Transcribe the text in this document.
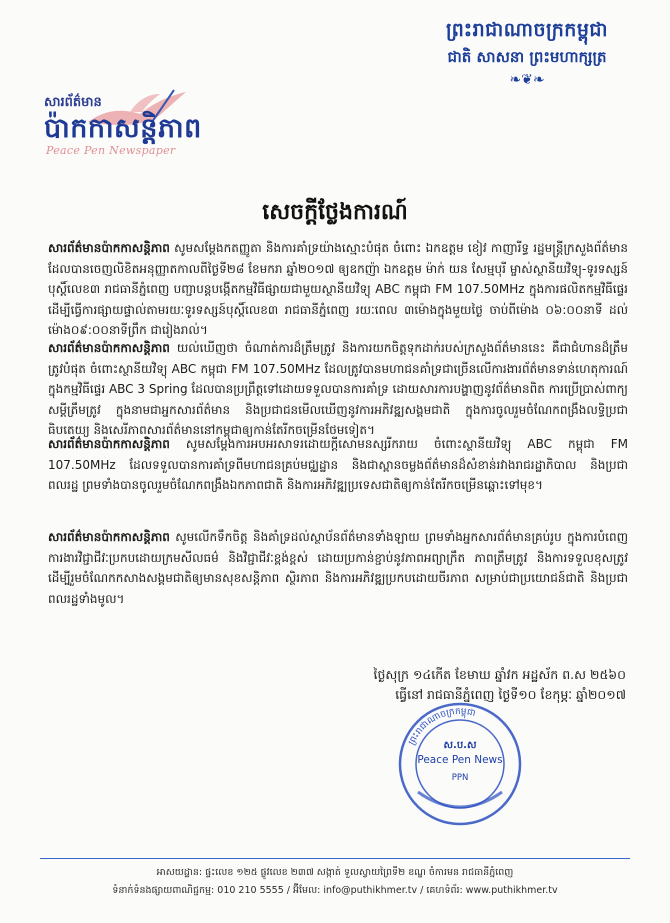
ព្រះរាជាណាចក្រកម្ពុជា
ជាតិ សាសនា ព្រះមហាក្សត្រ
❧❦❧
សារព័ត៌មាន
ប៉ាកកាសន្តិភាព
Peace Pen Newspaper
សេចក្ដីថ្លែងការណ៍
សារព័ត៌មានប៉ាកកាសន្តិភាព សូមសម្ដែងកតញ្ញូតា និងការគាំទ្រយ៉ាងស្មោះបំផុត ចំពោះ ឯកឧត្ដម ខៀវ កាញារីទ្ធ រដ្ឋមន្ត្រីក្រសួងព័ត៌មាន ដែលបានចេញលិខិតអនុញ្ញាតកាលពីថ្ងៃទី២៨ ខែមករា ឆ្នាំ២០១៧ ឲ្យឧកញ៉ា ឯកឧត្ដម ម៉ាក់ យន សែម្មបុរី ម្ចាស់ស្ថានីយវិទ្យុ-ទូរទស្សន៍បុស្តិ៍លេខ៣ រាជធានីភ្នំពេញ បញ្ជាបន្តបង្កើតកម្មវិធីផ្សាយជាមួយស្ថានីយវិទ្យុ ABC កម្ពុជា FM 107.50MHz ក្នុងការផលិតកម្មវិធីផ្ទេរ ដើម្បីធ្វើការផ្សាយផ្ទាល់តាមរយៈទូរទស្សន៍បុស្តិ៍លេខ៣ រាជធានីភ្នំពេញ រយៈពេល ៣ម៉ោងក្នុងមួយថ្ងៃ ចាប់ពីម៉ោង ០៦:០០នាទី ដល់ ម៉ោង០៩:០០នាទីព្រឹក ជារៀងរាល់។
សារព័ត៌មានប៉ាកកាសន្តិភាព យល់ឃើញថា ចំណាត់ការដ៏ត្រឹមត្រូវ និងការយកចិត្តទុកដាក់របស់ក្រសួងព័ត៌មាននេះ គឺជាជំហានដ៏ត្រឹមត្រូវបំផុត ចំពោះស្ថានីយវិទ្យុ ABC កម្ពុជា FM 107.50MHz ដែលត្រូវបានមហាជនគាំទ្រជាច្រើនលើការងារព័ត៌មានទាន់ហេតុការណ៍ ក្នុងកម្មវិធីផ្ទេរ ABC 3 Spring ដែលបានប្រព្រឹត្តទៅដោយទទួលបានការគាំទ្រ ដោយសារការបង្ហាញនូវព័ត៌មានពិត ការប្រើប្រាស់ពាក្យសម្ដីត្រឹមត្រូវ ក្នុងនាមជាអ្នកសារព័ត៌មាន និងប្រជាជនមើលឃើញនូវការអភិវឌ្ឍសង្គមជាតិ ក្នុងការចូលរួមចំណែកពង្រឹងលទ្ធិប្រជាធិបតេយ្យ និងសេរីភាពសារព័ត៌មាននៅកម្ពុជាឲ្យកាន់តែរីកចម្រើនថែមទៀត។
សារព័ត៌មានប៉ាកកាសន្តិភាព សូមសម្ដែងការអបអរសាទរដោយក្ដីសោមនស្សរីករាយ ចំពោះស្ថានីយវិទ្យុ ABC កម្ពុជា FM 107.50MHz ដែលទទួលបានការគាំទ្រពីមហាជនគ្រប់មជ្ឈដ្ឋាន និងជាស្ពានចម្លងព័ត៌មានដ៏សំខាន់រវាងរាជរដ្ឋាភិបាល និងប្រជាពលរដ្ឋ ព្រមទាំងបានចូលរួមចំណែកពង្រឹងឯកភាពជាតិ និងការអភិវឌ្ឍប្រទេសជាតិឲ្យកាន់តែរីកចម្រើនឆ្ពោះទៅមុខ។
សារព័ត៌មានប៉ាកកាសន្តិភាព សូមលើកទឹកចិត្ត និងគាំទ្រដល់ស្ថាប័នព័ត៌មានទាំងឡាយ ព្រមទាំងអ្នកសារព័ត៌មានគ្រប់រូប ក្នុងការបំពេញការងារវិជ្ជាជីវៈប្រកបដោយក្រមសីលធម៌ និងវិជ្ជាជីវៈខ្ពង់ខ្ពស់ ដោយប្រកាន់ខ្ជាប់នូវភាពអព្យាក្រឹត ភាពត្រឹមត្រូវ និងការទទួលខុសត្រូវ ដើម្បីរួមចំណែកកសាងសង្គមជាតិឲ្យមានសុខសន្តិភាព ស្ថិរភាព និងការអភិវឌ្ឍប្រកបដោយចីរភាព សម្រាប់ជាប្រយោជន៍ជាតិ និងប្រជាពលរដ្ឋទាំងមូល។
ថ្ងៃសុក្រ ១៤កើត ខែមាឃ ឆ្នាំវក អដ្ឋស័ក ព.ស ២៥៦០
ធ្វើនៅ រាជធានីភ្នំពេញ ថ្ងៃទី១០ ខែកុម្ភៈ ឆ្នាំ២០១៧
ព្រះរាជាណាចក្រកម្ពុជា
ស.ប.ស
Peace Pen News
PPN
អាសយដ្ឋាន: ផ្ទះលេខ ១២៥ ផ្លូវលេខ ២៣៧ សង្កាត់ ទួលស្វាយព្រៃទី២ ខណ្ឌ ចំការមន រាជធានីភ្នំពេញ
ទំនាក់ទំនងផ្សាយពាណិជ្ជកម្ម: 010 210 5555 / អ៊ីមែល: info@puthikhmer.tv / គេហទំព័រ: www.puthikhmer.tv
